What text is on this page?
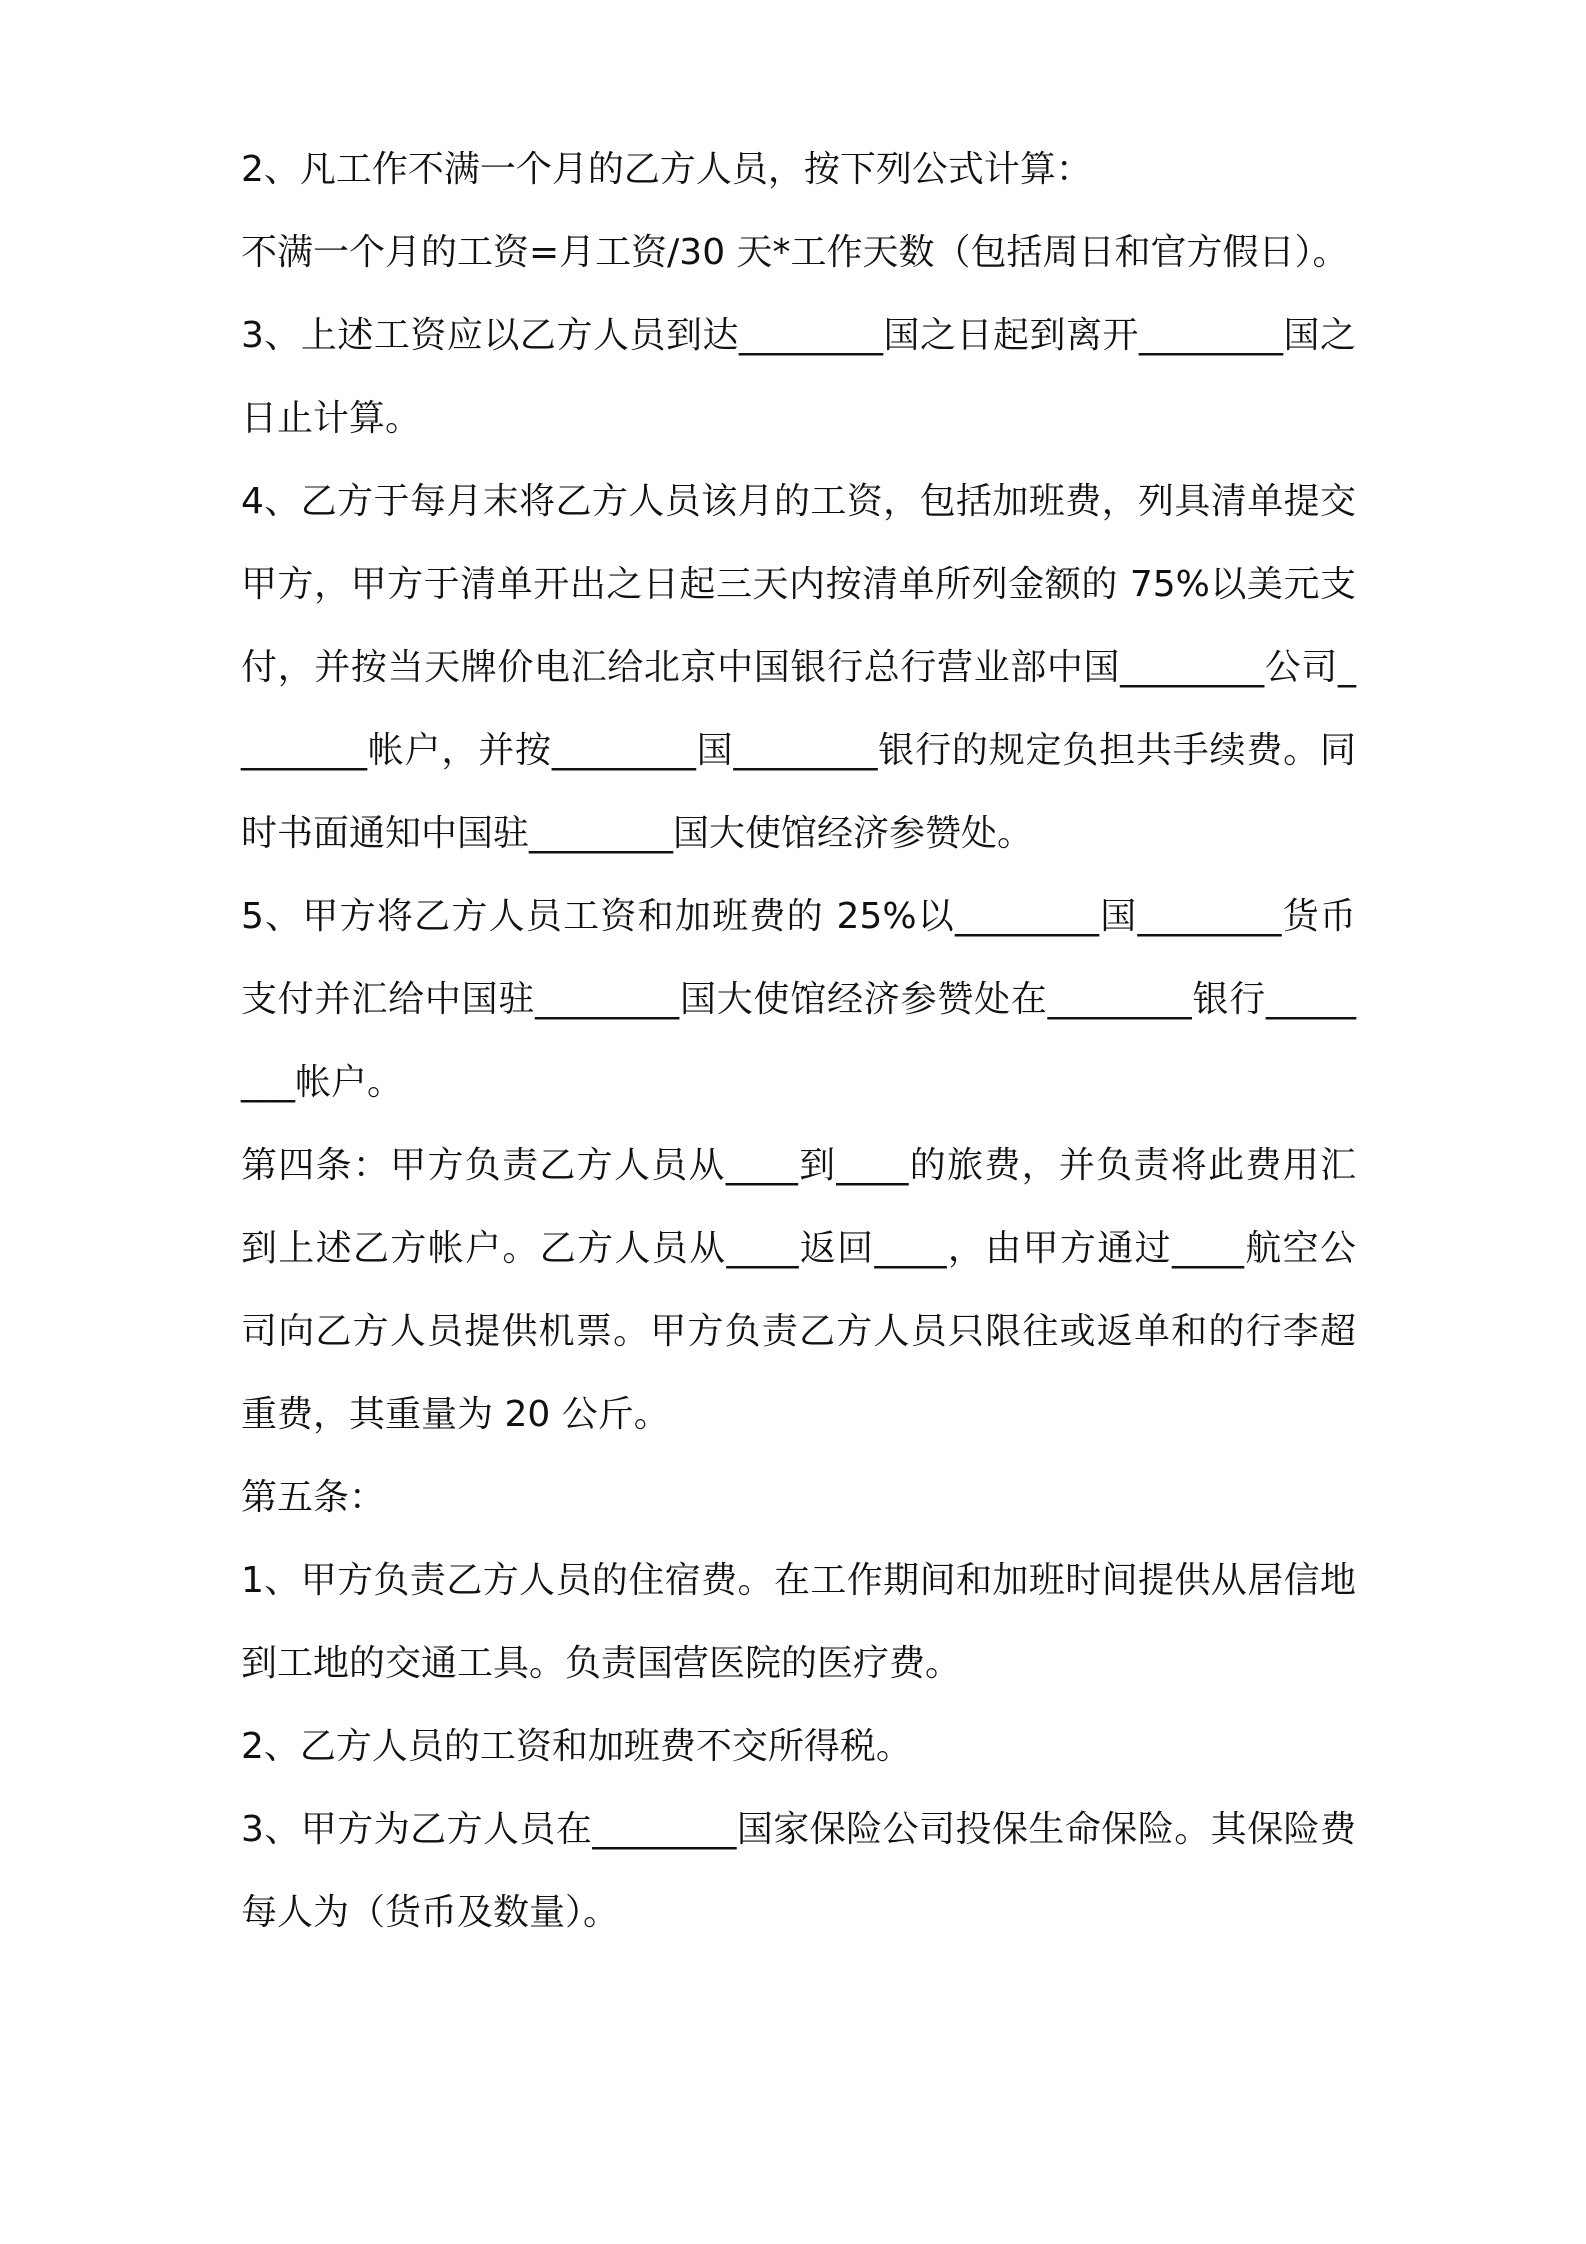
2、凡工作不满一个月的乙方人员，按下列公式计算：

不满一个月的工资=月工资/30 天*工作天数（包括周日和官方假日）。

3、上述工资应以乙方人员到达________国之日起到离开________国之日止计算。

4、乙方于每月末将乙方人员该月的工资，包括加班费，列具清单提交甲方，甲方于清单开出之日起三天内按清单所列金额的 75%以美元支付，并按当天牌价电汇给北京中国银行总行营业部中国________公司________帐户，并按________国________银行的规定负担共手续费。同时书面通知中国驻________国大使馆经济参赞处。

5、甲方将乙方人员工资和加班费的 25%以________国________货币支付并汇给中国驻________国大使馆经济参赞处在________银行________帐户。

第四条：甲方负责乙方人员从____到____的旅费，并负责将此费用汇到上述乙方帐户。乙方人员从____返回____，由甲方通过____航空公司向乙方人员提供机票。甲方负责乙方人员只限往或返单和的行李超重费，其重量为 20 公斤。

第五条：

1、甲方负责乙方人员的住宿费。在工作期间和加班时间提供从居信地到工地的交通工具。负责国营医院的医疗费。

2、乙方人员的工资和加班费不交所得税。

3、甲方为乙方人员在________国家保险公司投保生命保险。其保险费每人为（货币及数量）。
